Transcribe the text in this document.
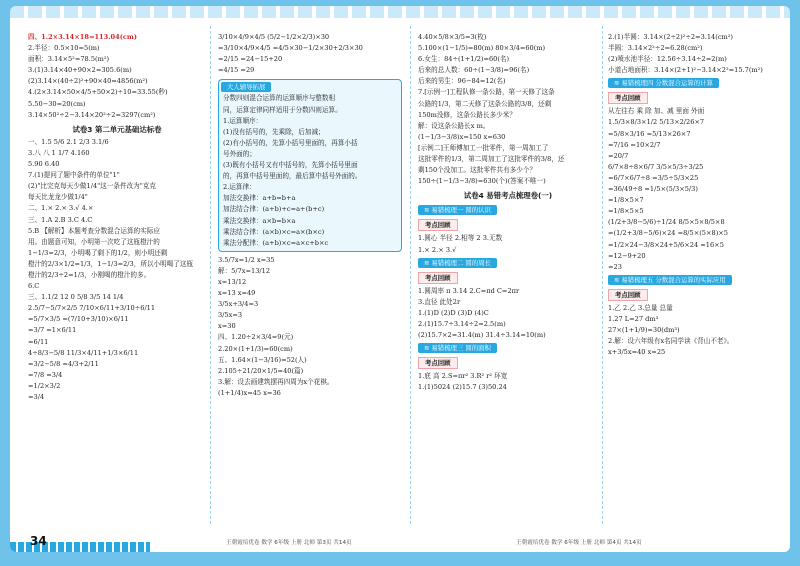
四、1.2×3.14×18=113.04(cm)
2.半径：0.5×10=5(m)
面积：3.14×5²=78.5(m²)
3.(1)3.14×40+90×2=305.6(m)
(2)3.14×(40÷2)²+90×40=4856(m²)
4.(2×3.14×50×4/5+50×2)÷10=33.55(秒)
5.50−30=20(cm)
3.14×50²÷2−3.14×20²÷2=3297(cm²)
试卷3 第二单元基础达标卷
一、1.5 5/6 2.1 2/3 3.1/6
3.八 八 1 1/7 4.160
5.90 6.40
7.(1)提问了题中条件的单位"1"
(2)"比完克每天少做1/4"这一条件改为"克克
每天比龙龙少做1/4"
二、1.× 2.× 3.√ 4.×
三、1.A 2.B 3.C 4.C
5.B 【解析】本题考查分数混合运算的实际应
用。由题意可知，小明第一次吃了这瓶橙汁的
1−1/3=2/3，小明喝了剩下的1/2，则小明还剩
橙汁的2/3×1/2=1/3，1−1/3=2/3，所以小明喝了这瓶
橙汁的2/3÷2=1/3，小刚喝的橙汁的多。
6.C
三、1.1/2 12 0 5/8 3/5 14 1/4
2.5/7−5/7×2/5 7/10×6/11+3/10÷6/11
=5/7×3/5 =(7/10+3/10)×6/11
=3/7 =1×6/11
=6/11
4÷8/3−5/8 11/3×4/11+1/3×6/11
=3/2−5/8 =4/3+2/11
=7/8 =3/4
=1/2×3/2
=3/4
3/10×4/9×4/5 (5/2−1/2×2/3)×30
=3/10×4/9×4/5 =4/5×30−1/2×30+2/3×30
=2/15 =24−15+20
=4/15 =29
大人辅导拓展
分数四则混合运算的运算顺序与整数相
同，运算定律同样适用于分数四则运算。
1.运算顺序：
(1)没有括号的，先乘除，后加减；
(2)有小括号的，先算小括号里面的，再算小括
号外面的；
(3)既有小括号又有中括号的，先算小括号里面
的，再算中括号里面的，最后算中括号外面的。
2.运算律：
加法交换律：a+b=b+a
加法结合律：(a+b)+c=a+(b+c)
乘法交换律：a×b=b×a
乘法结合律：(a×b)×c=a×(b×c)
乘法分配律：(a+b)×c=a×c+b×c
3.5/7x=1/2 x=35
解：5/7x=13/12
x=13/12
x=13 x=49
3/5x+3/4=3
3/5x=3
x=30
四、1.20÷2×3/4=9(元)
2.20×(1+1/3)=60(cm)
五、1.64×(1−3/16)=52(人)
2.105÷21/20×1/5=40(篇)
3.解：设去画建筑摆再四周为x个花棋。
(1+1/4)x=45 x=36
4.40×5/8×3/5=3(枚)
5.100×(1−1/5)=80(m) 80×3/4=60(m)
6.女生：84÷(1+1/2)=60(名)
后来的总人数：60÷(1−3/8)=96(名)
后来的男生：96−84=12(名)
7.[示例一]工程队修一条公路，第一天修了这条
公路的1/3，第二天修了这条公路的3/8，还剩
150m没修，这条公路长多少米？
解：设这条公路长x m。
(1−1/3−3/8)x=150 x=630
[示例二]王师傅加工一批零件，第一周加工了
这批零件的1/3，第二周加工了这批零件的3/8，还
剩150个没加工。这批零件共有多少个？
150÷(1−1/3−3/8)=630(个)(答案不唯一)
试卷4 易错考点梳理卷(一)
≋ 易错梳理一 圆的认识
考点回顾
1.圆心 半径 2.相等 2 3.无数
1.× 2.× 3.√
≋ 易错梳理二 圆的周长
考点回顾
1.圆周率 π 3.14 2.C=πd C=2πr
3.直径 此处2r
1.(1)D (2)D (3)D (4)C
2.(1)15.7÷3.14÷2=2.5(m)
(2)15.7×2=31.4(m) 31.4÷3.14=10(m)
≋ 易错梳理三 圆的面积
考点回顾
1.底 高 2.S=πr² 3.R² r² 环宽
1.(1)5024 (2)15.7 (3)50.24
2.(1)半圆：3.14×(2÷2)²÷2=3.14(cm²)
半圆：3.14×2²÷2=6.28(cm²)
(2)喷水池半径：12.56÷3.14÷2=2(m)
小道占地面积：3.14×(2+1)²−3.14×2²=15.7(m²)
≋ 易错梳理四 分数混合运算的计算
考点回顾
从左往右 乘 除 加、减 里面 外面
1.5/3×8/3×1/2 5/13×2/26×7
=5/8×3/16 =5/13×26×7
=7/16 =10×2/7
=20/7
6/7×8÷8×6/7 3/5×5/3÷3/25
=6/7×6/7÷8 =3/5÷5/3×25
=36/49÷8 =1/5×(5/3×5/3)
=1/8×5×7
=1/8×5×5
(1/2+3/8−5/6)÷1/24 8/5×5×8/5×8
=(1/2+3/8−5/6)×24 =8/5×(5×8)×5
=1/2×24−3/8×24+5/6×24 =16×5
=12−9+20
=23
≋ 易错梳理五 分数混合运算的实际应用
考点回顾
1.乙 2.乙 3.总量 总量
1.27 L=27 dm³
27×(1+1/9)=30(dm³)
2.解：设六年级有x名同学读《背山不老》。
x+3/5x=40 x=25
34	王朝霞培优卷 数学 6年级 上册 北师 第3页 共14页	王朝霞培优卷 数学 6年级 上册 北师 第4页 共14页
